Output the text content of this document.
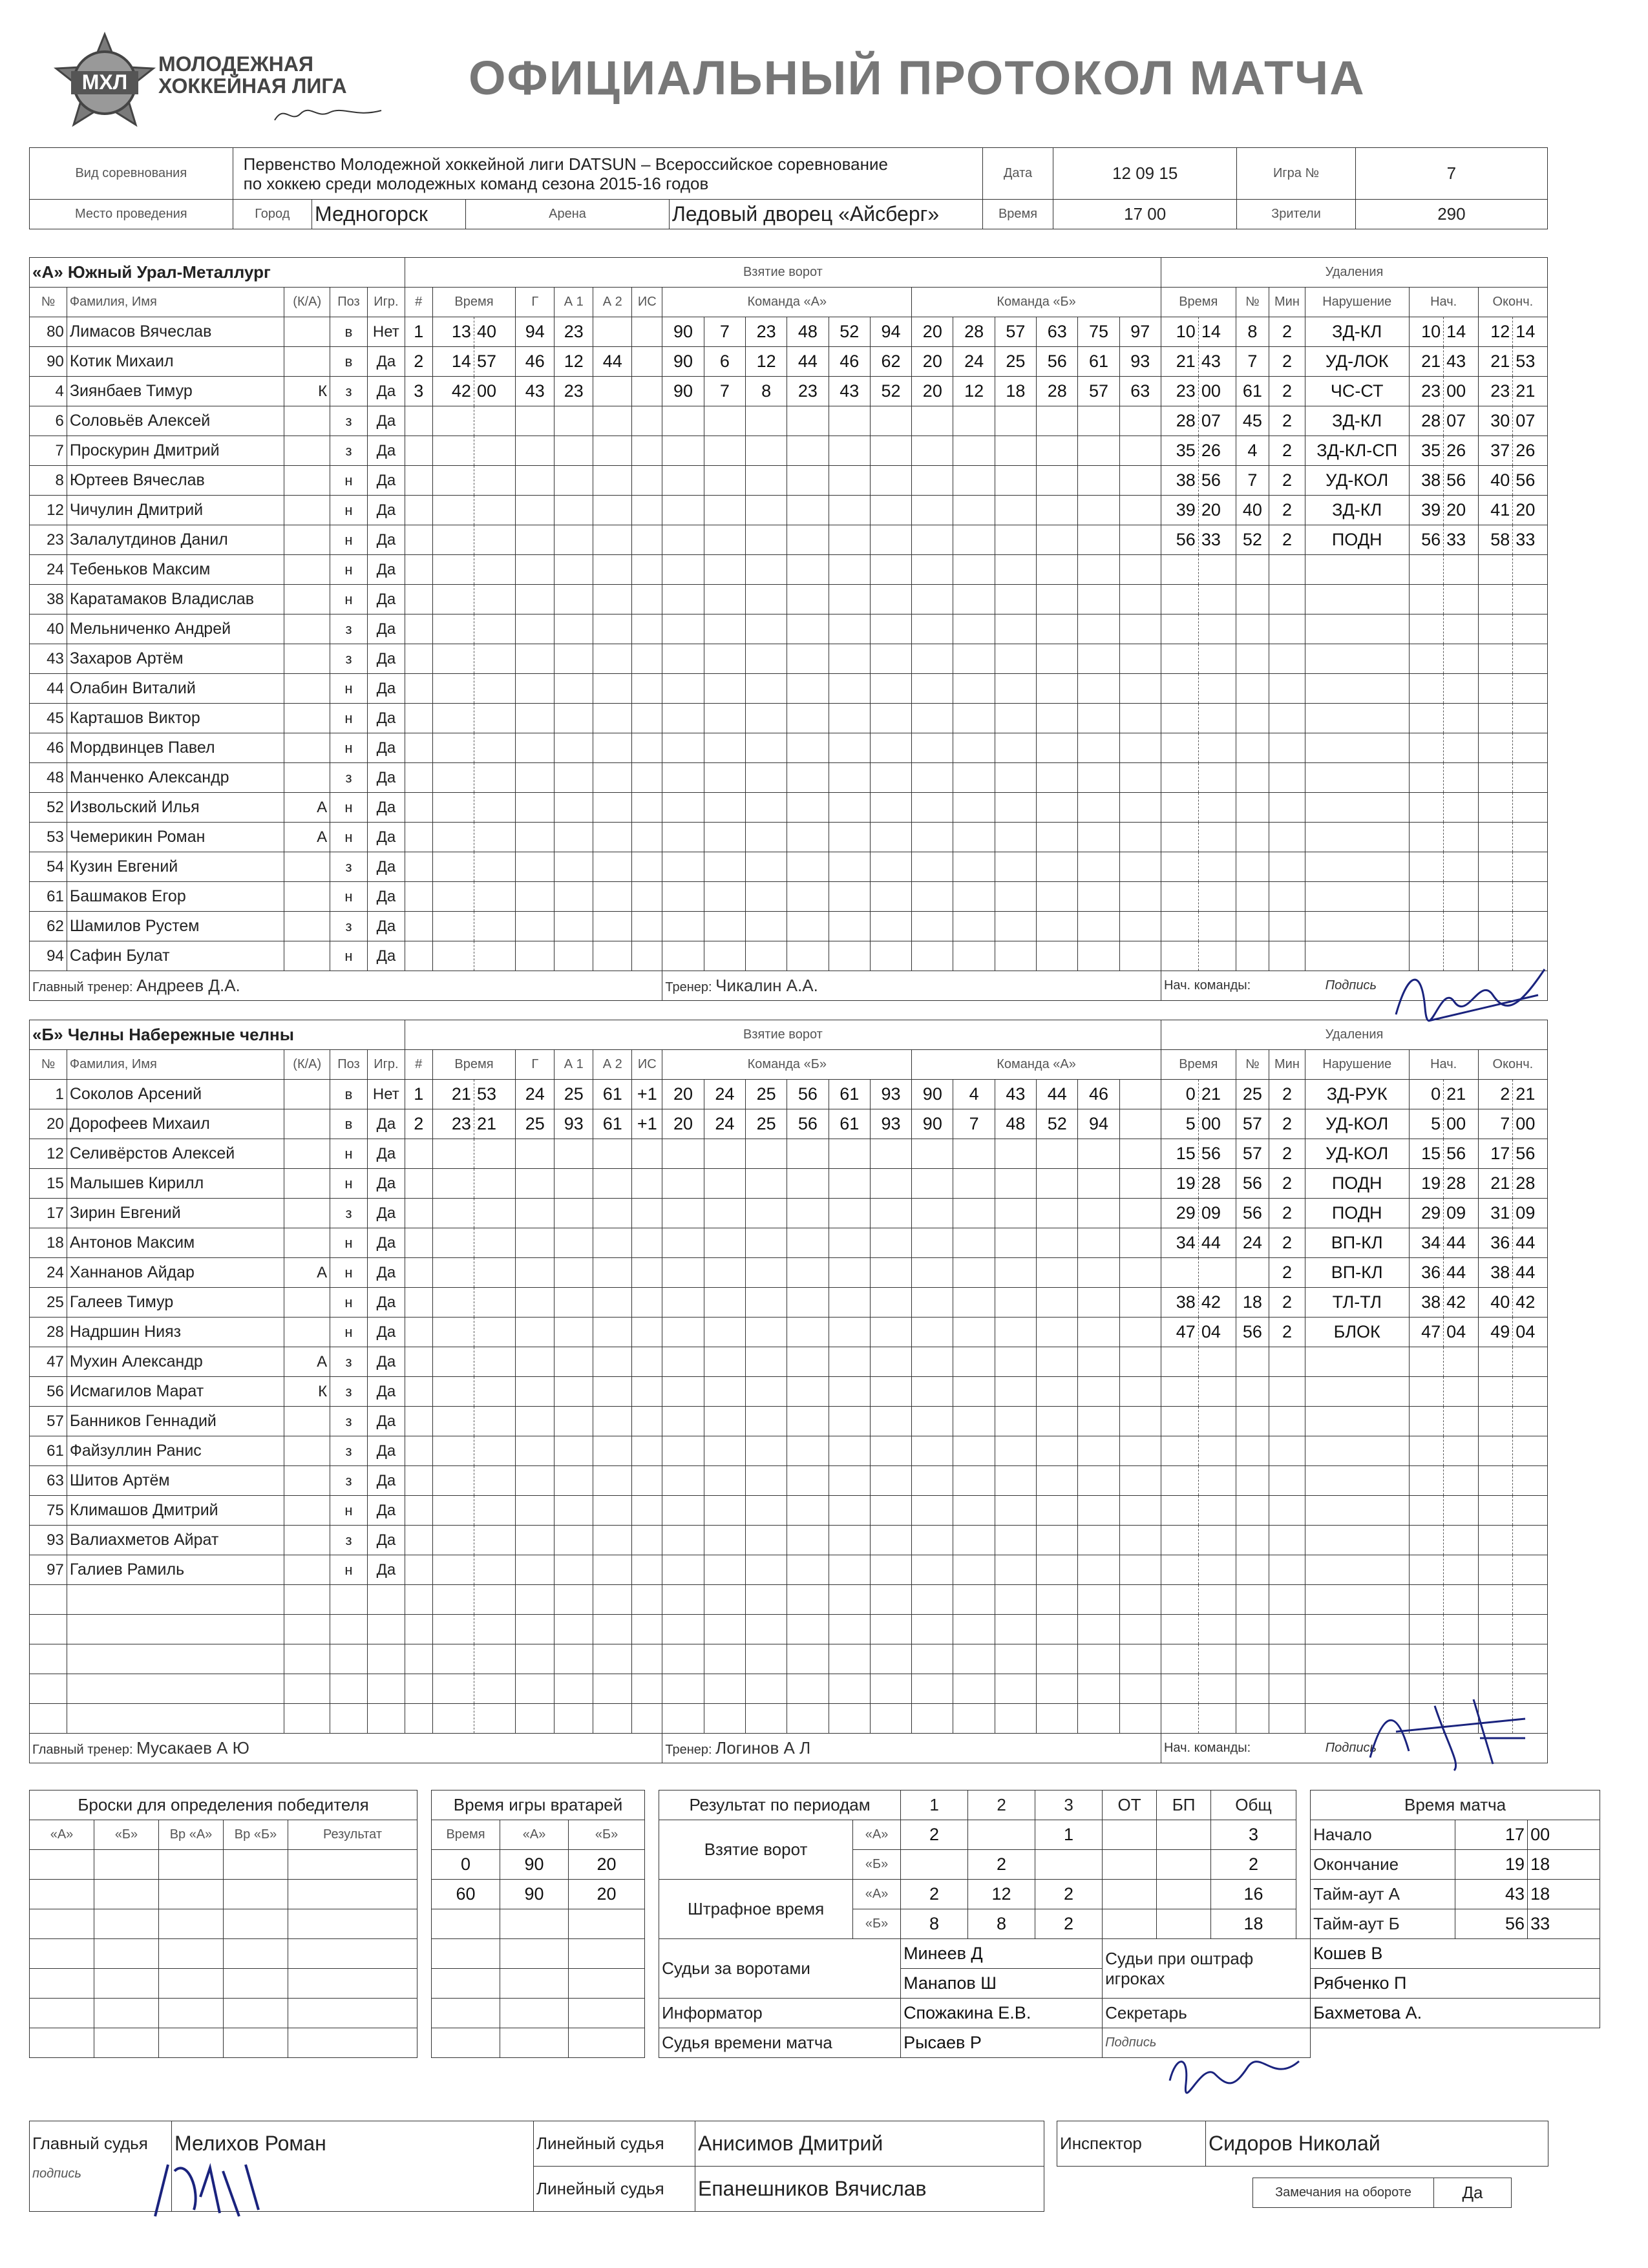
МХЛ
МОЛОДЕЖНАЯ
ХОККЕЙНАЯ ЛИГА	ОФИЦИАЛЬНЫЙ ПРОТОКОЛ МАТЧА
Вид соревнования	Первенство Молодежной хоккейной лиги DATSUN – Всероссийское соревнование
по хоккею среди молодежных команд сезона 2015-16 годов				Дата	12 09 15	Игра №	7
Место проведения	Город	Медногорск	Арена	Ледовый дворец «Айсберг»	Время	17 00	Зрители	290
«А» Южный Урал-Металлург					Взятие ворот																			Удаления								
№	Фамилия, Имя	(К/А)	Поз	Игр.	#	Время		Г	А 1	А 2	ИС	Команда «А»						Команда «Б»						Время		№	Мин	Нарушение	Нач.		Оконч.	
80	Лимасов Вячеслав		в	Нет	1	13	40	94	23			90	7	23	48	52	94	20	28	57	63	75	97	10	14	8	2	ЗД-КЛ	10	14	12	14
90	Котик Михаил		в	Да	2	14	57	46	12	44		90	6	12	44	46	62	20	24	25	56	61	93	21	43	7	2	УД-ЛОК	21	43	21	53
4	Зиянбаев Тимур	К	з	Да	3	42	00	43	23			90	7	8	23	43	52	20	12	18	28	57	63	23	00	61	2	ЧС-СТ	23	00	23	21
6	Соловьёв Алексей		з	Да																				28	07	45	2	ЗД-КЛ	28	07	30	07
7	Проскурин Дмитрий		з	Да																				35	26	4	2	ЗД-КЛ-СП	35	26	37	26
8	Юртеев Вячеслав		н	Да																				38	56	7	2	УД-КОЛ	38	56	40	56
12	Чичулин Дмитрий		н	Да																				39	20	40	2	ЗД-КЛ	39	20	41	20
23	Залалутдинов Данил		н	Да																				56	33	52	2	ПОДН	56	33	58	33
24	Тебеньков Максим		н	Да																												
38	Каратамаков Владислав		н	Да																												
40	Мельниченко Андрей		з	Да																												
43	Захаров Артём		з	Да																												
44	Олабин Виталий		н	Да																												
45	Карташов Виктор		н	Да																												
46	Мордвинцев Павел		н	Да																												
48	Манченко Александр		з	Да																												
52	Извольский Илья	А	н	Да																												
53	Чемерикин Роман	А	н	Да																												
54	Кузин Евгений		з	Да																												
61	Башмаков Егор		н	Да																												
62	Шамилов Рустем		з	Да																												
94	Сафин Булат		н	Да																												
Главный тренер: Андреев Д.А.												Тренер: Чикалин А.А.												Нач. команды: Подпись								
«Б» Челны Набережные челны					Взятие ворот																			Удаления								
№	Фамилия, Имя	(К/А)	Поз	Игр.	#	Время		Г	А 1	А 2	ИС	Команда «Б»						Команда «А»						Время		№	Мин	Нарушение	Нач.		Оконч.	
1	Соколов Арсений		в	Нет	1	21	53	24	25	61	+1	20	24	25	56	61	93	90	4	43	44	46		0	21	25	2	ЗД-РУК	0	21	2	21
20	Дорофеев Михаил		в	Да	2	23	21	25	93	61	+1	20	24	25	56	61	93	90	7	48	52	94		5	00	57	2	УД-КОЛ	5	00	7	00
12	Селивёрстов Алексей		н	Да																				15	56	57	2	УД-КОЛ	15	56	17	56
15	Малышев Кирилл		н	Да																				19	28	56	2	ПОДН	19	28	21	28
17	Зирин Евгений		з	Да																				29	09	56	2	ПОДН	29	09	31	09
18	Антонов Максим		н	Да																				34	44	24	2	ВП-КЛ	34	44	36	44
24	Ханнанов Айдар	А	н	Да																							2	ВП-КЛ	36	44	38	44
25	Галеев Тимур		н	Да																				38	42	18	2	ТЛ-ТЛ	38	42	40	42
28	Надршин Нияз		н	Да																				47	04	56	2	БЛОК	47	04	49	04
47	Мухин Александр	А	з	Да																												
56	Исмагилов Марат	К	з	Да																												
57	Банников Геннадий		з	Да																												
61	Файзуллин Ранис		з	Да																												
63	Шитов Артём		з	Да																												
75	Климашов Дмитрий		н	Да																												
93	Валиахметов Айрат		з	Да																												
97	Галиев Рамиль		н	Да																												

Главный тренер: Мусакаев А Ю												Тренер: Логинов А Л												Нач. команды: Подпись								
Броски для определения победителя						Время игры вратарей				Результат по периодам		1	2	3	ОТ	БП	Общ		Время матча		
«А»	«Б»	Вр «А»	Вр «Б»	Результат		Время	«А»	«Б»		Взятие ворот	«А»	2		1			3		Начало	17	00
						0	90	20			«Б»		2				2		Окончание	19	18
						60	90	20		Штрафное время	«А»	2	12	2			16		Тайм-аут А	43	18
											«Б»	8	8	2			18		Тайм-аут Б	56	33
										Судьи за воротами		Минеев Д			Судьи при оштраф игроках				Кошев В		
												Манапов Ш							Рябченко П		
										Информатор		Спожакина Е.В.			Секретарь				Бахметова А.		
										Судья времени матча		Рысаев Р			Подпись						
Главный судья	Мелихов Роман	Линейный судья	Анисимов Дмитрий		Инспектор	Сидоров Николай
подпись		Линейный судья	Епанешников Вячислав				Замечания на обороте	Да
